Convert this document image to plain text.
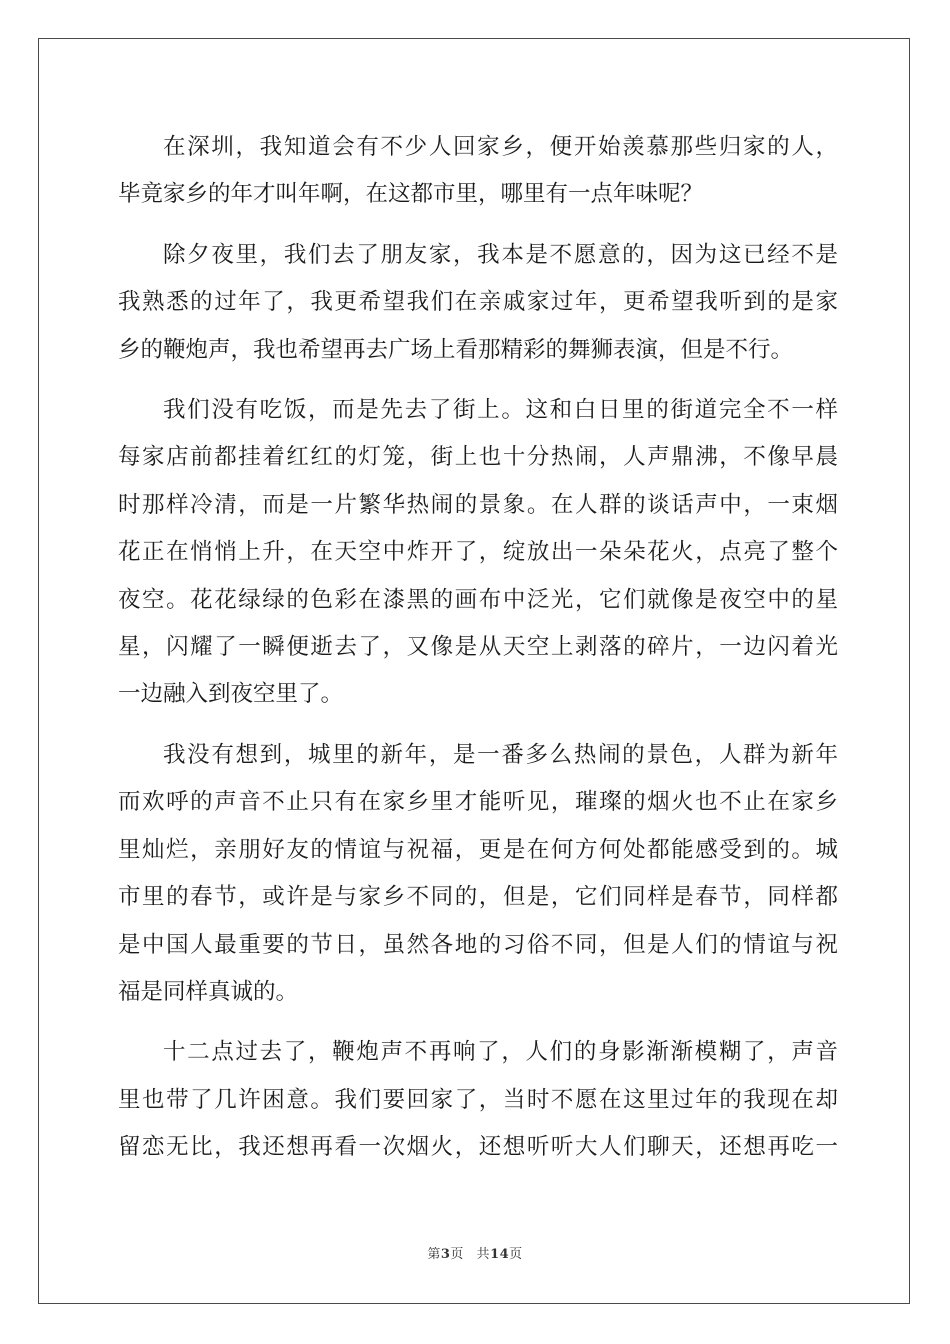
在深圳，我知道会有不少人回家乡，便开始羡慕那些归家的人，
毕竟家乡的年才叫年啊，在这都市里，哪里有一点年味呢？

除夕夜里，我们去了朋友家，我本是不愿意的，因为这已经不是
我熟悉的过年了，我更希望我们在亲戚家过年，更希望我听到的是家
乡的鞭炮声，我也希望再去广场上看那精彩的舞狮表演，但是不行。

我们没有吃饭，而是先去了街上。这和白日里的街道完全不一样
每家店前都挂着红红的灯笼，街上也十分热闹，人声鼎沸，不像早晨
时那样冷清，而是一片繁华热闹的景象。在人群的谈话声中，一束烟
花正在悄悄上升，在天空中炸开了，绽放出一朵朵花火，点亮了整个
夜空。花花绿绿的色彩在漆黑的画布中泛光，它们就像是夜空中的星
星，闪耀了一瞬便逝去了，又像是从天空上剥落的碎片，一边闪着光
一边融入到夜空里了。

我没有想到，城里的新年，是一番多么热闹的景色，人群为新年
而欢呼的声音不止只有在家乡里才能听见，璀璨的烟火也不止在家乡
里灿烂，亲朋好友的情谊与祝福，更是在何方何处都能感受到的。城
市里的春节，或许是与家乡不同的，但是，它们同样是春节，同样都
是中国人最重要的节日，虽然各地的习俗不同，但是人们的情谊与祝
福是同样真诚的。

十二点过去了，鞭炮声不再响了，人们的身影渐渐模糊了，声音
里也带了几许困意。我们要回家了，当时不愿在这里过年的我现在却
留恋无比，我还想再看一次烟火，还想听听大人们聊天，还想再吃一

第3页 共14页
